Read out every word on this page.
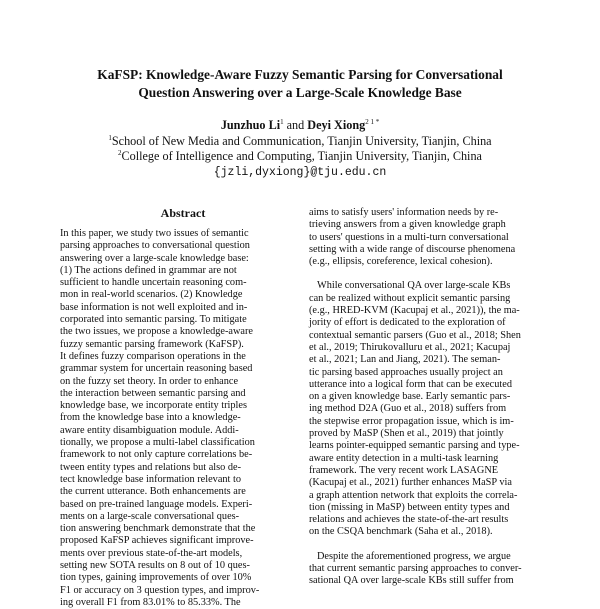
KaFSP: Knowledge-Aware Fuzzy Semantic Parsing for Conversational
Question Answering over a Large-Scale Knowledge Base
Junzhuo Li$^1$ and Deyi Xiong$^{2 1 *}$
$^1$School of New Media and Communication, Tianjin University, Tianjin, China
$^2$College of Intelligence and Computing, Tianjin University, Tianjin, China
{jzli,dyxiong}@tju.edu.cn
Abstract
In this paper, we study two issues of semantic
parsing approaches to conversational question
answering over a large-scale knowledge base:
(1) The actions defined in grammar are not
sufficient to handle uncertain reasoning com-
mon in real-world scenarios. (2) Knowledge
base information is not well exploited and in-
corporated into semantic parsing. To mitigate
the two issues, we propose a knowledge-aware
fuzzy semantic parsing framework (KaFSP).
It defines fuzzy comparison operations in the
grammar system for uncertain reasoning based
on the fuzzy set theory. In order to enhance
the interaction between semantic parsing and
knowledge base, we incorporate entity triples
from the knowledge base into a knowledge-
aware entity disambiguation module. Addi-
tionally, we propose a multi-label classification
framework to not only capture correlations be-
tween entity types and relations but also de-
tect knowledge base information relevant to
the current utterance. Both enhancements are
based on pre-trained language models. Experi-
ments on a large-scale conversational ques-
tion answering benchmark demonstrate that the
proposed KaFSP achieves significant improve-
ments over previous state-of-the-art models,
setting new SOTA results on 8 out of 10 ques-
tion types, gaining improvements of over 10%
F1 or accuracy on 3 question types, and improv-
ing overall F1 from 83.01% to 85.33%. The
aims to satisfy users' information needs by re-
trieving answers from a given knowledge graph
to users' questions in a multi-turn conversational
setting with a wide range of discourse phenomena
(e.g., ellipsis, coreference, lexical cohesion).
While conversational QA over large-scale KBs
can be realized without explicit semantic parsing
(e.g., HRED-KVM (Kacupaj et al., 2021)), the ma-
jority of effort is dedicated to the exploration of
contextual semantic parsers (Guo et al., 2018; Shen
et al., 2019; Thirukovalluru et al., 2021; Kacupaj
et al., 2021; Lan and Jiang, 2021). The seman-
tic parsing based approaches usually project an
utterance into a logical form that can be executed
on a given knowledge base. Early semantic pars-
ing method D2A (Guo et al., 2018) suffers from
the stepwise error propagation issue, which is im-
proved by MaSP (Shen et al., 2019) that jointly
learns pointer-equipped semantic parsing and type-
aware entity detection in a multi-task learning
framework. The very recent work LASAGNE
(Kacupaj et al., 2021) further enhances MaSP via
a graph attention network that exploits the correla-
tion (missing in MaSP) between entity types and
relations and achieves the state-of-the-art results
on the CSQA benchmark (Saha et al., 2018).
Despite the aforementioned progress, we argue
that current semantic parsing approaches to conver-
sational QA over large-scale KBs still suffer from
